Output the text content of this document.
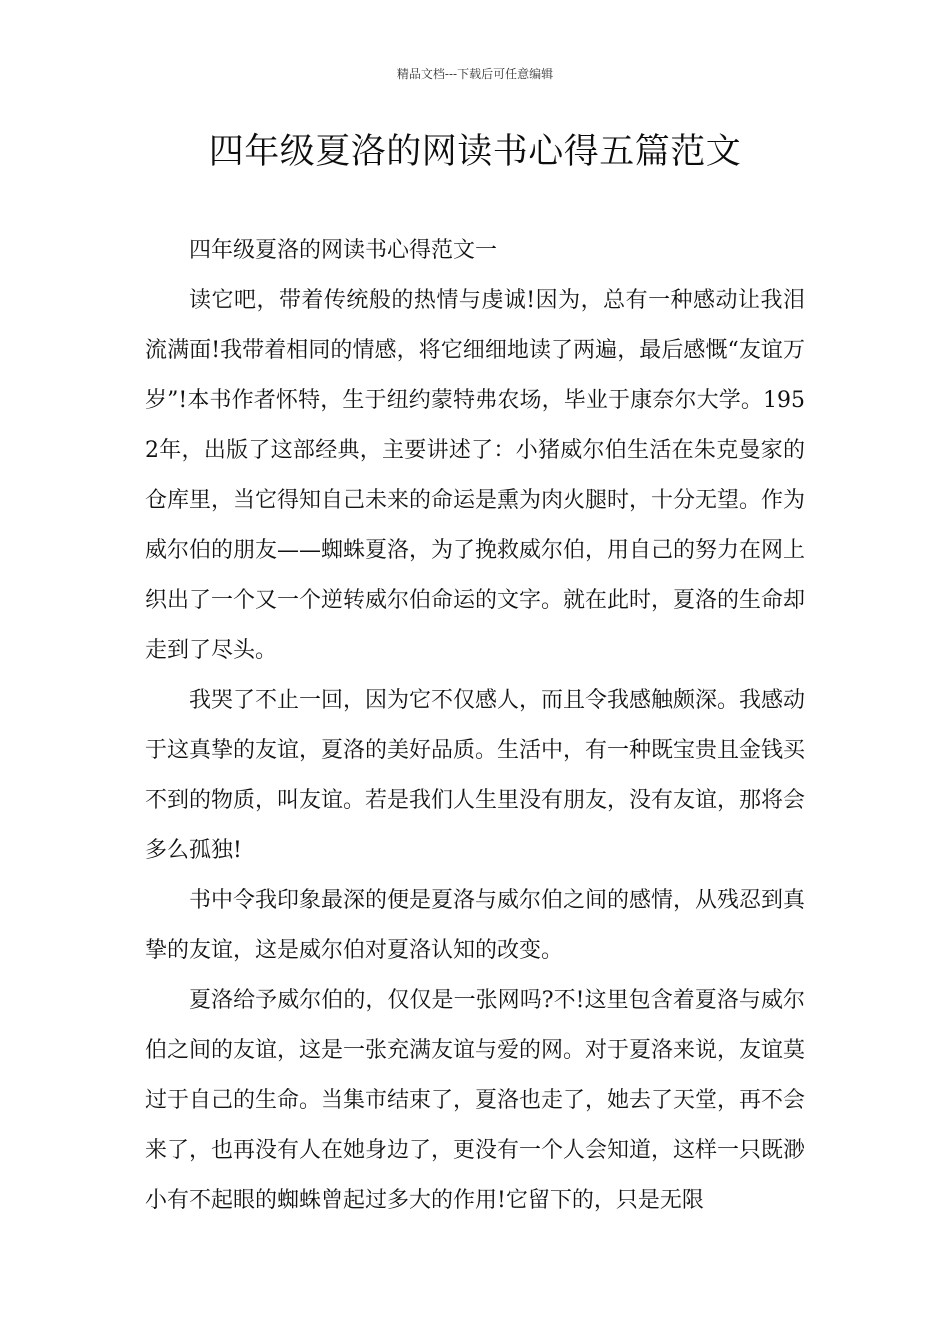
精品文档---下载后可任意编辑
四年级夏洛的网读书心得五篇范文

四年级夏洛的网读书心得范文一

读它吧，带着传统般的热情与虔诚!因为，总有一种感动让我泪流满面!我带着相同的情感，将它细细地读了两遍，最后感慨“友谊万岁”!本书作者怀特，生于纽约蒙特弗农场，毕业于康奈尔大学。1952年，出版了这部经典，主要讲述了：小猪威尔伯生活在朱克曼家的仓库里，当它得知自己未来的命运是熏为肉火腿时，十分无望。作为威尔伯的朋友——蜘蛛夏洛，为了挽救威尔伯，用自己的努力在网上织出了一个又一个逆转威尔伯命运的文字。就在此时，夏洛的生命却走到了尽头。

我哭了不止一回，因为它不仅感人，而且令我感触颇深。我感动于这真挚的友谊，夏洛的美好品质。生活中，有一种既宝贵且金钱买不到的物质，叫友谊。若是我们人生里没有朋友，没有友谊，那将会多么孤独!

书中令我印象最深的便是夏洛与威尔伯之间的感情，从残忍到真挚的友谊，这是威尔伯对夏洛认知的改变。

夏洛给予威尔伯的，仅仅是一张网吗?不!这里包含着夏洛与威尔伯之间的友谊，这是一张充满友谊与爱的网。对于夏洛来说，友谊莫过于自己的生命。当集市结束了，夏洛也走了，她去了天堂，再不会来了，也再没有人在她身边了，更没有一个人会知道，这样一只既渺小有不起眼的蜘蛛曾起过多大的作用!它留下的，只是无限
